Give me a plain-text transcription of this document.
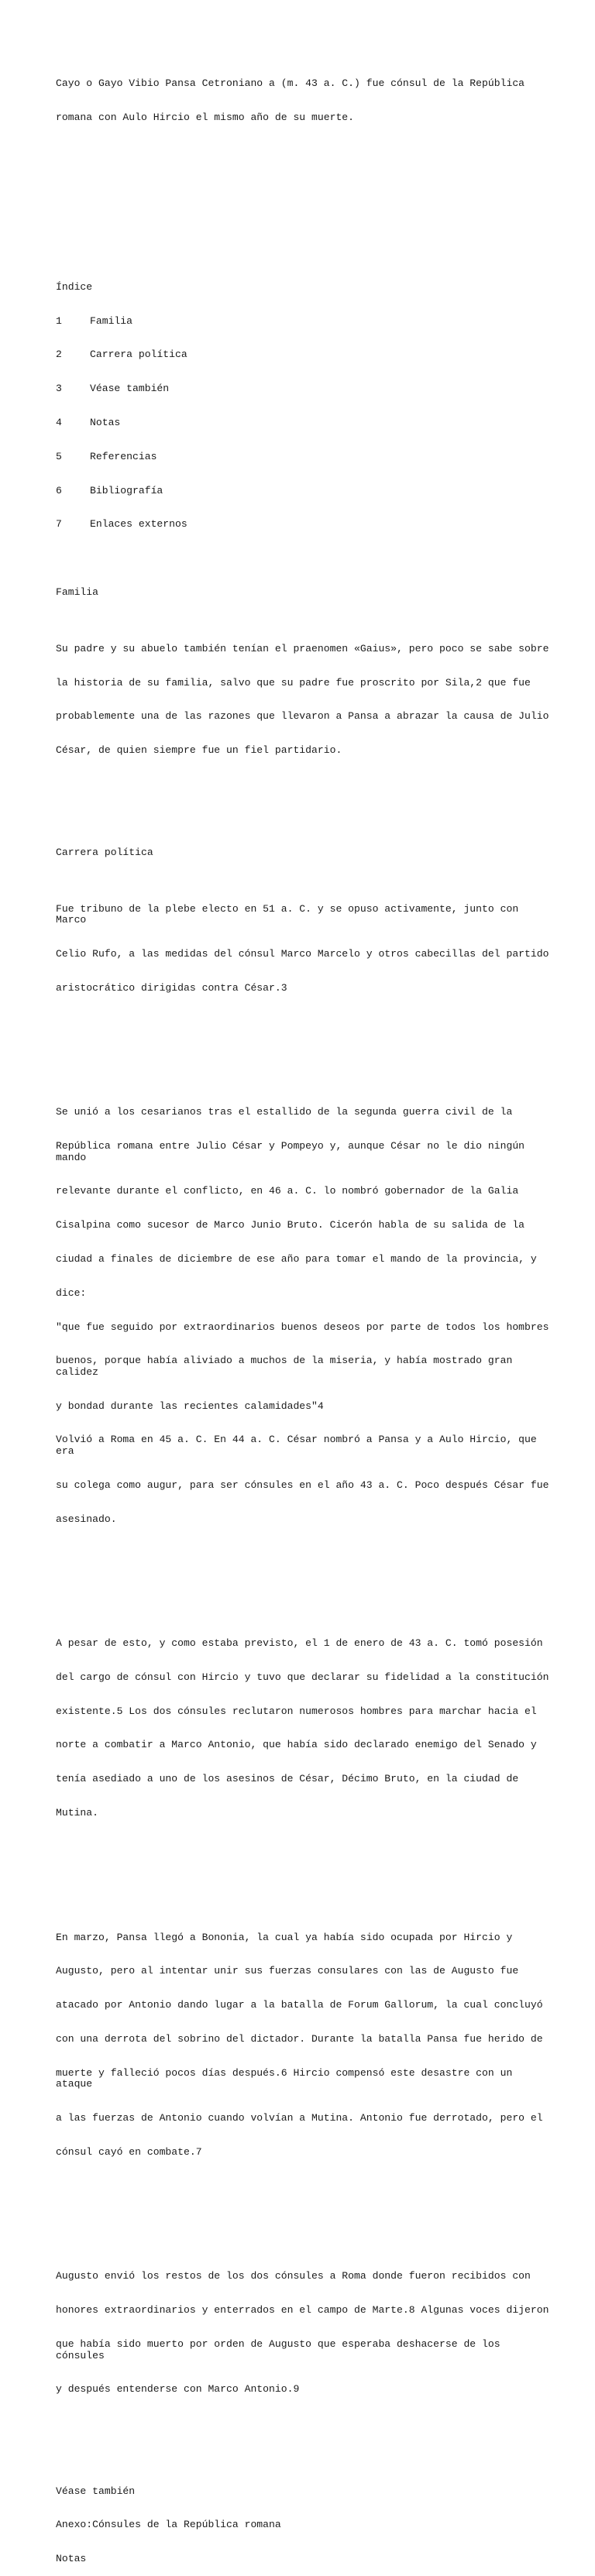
Cayo o Gayo Vibio Pansa Cetroniano a (m. 43 a. C.) fue cónsul de la República

romana con Aulo Hircio el mismo año de su muerte.

Índice

1	Familia

2	Carrera política

3	Véase también

4	Notas

5	Referencias

6	Bibliografía

7	Enlaces externos

Familia

Su padre y su abuelo también tenían el praenomen «Gaius», pero poco se sabe sobre

la historia de su familia, salvo que su padre fue proscrito por Sila,2 que fue

probablemente una de las razones que llevaron a Pansa a abrazar la causa de Julio

César, de quien siempre fue un fiel partidario.

Carrera política

Fue tribuno de la plebe electo en 51 a. C. y se opuso activamente, junto con Marco

Celio Rufo, a las medidas del cónsul Marco Marcelo y otros cabecillas del partido

aristocrático dirigidas contra César.3

Se unió a los cesarianos tras el estallido de la segunda guerra civil de la

República romana entre Julio César y Pompeyo y, aunque César no le dio ningún mando

relevante durante el conflicto, en 46 a. C. lo nombró gobernador de la Galia

Cisalpina como sucesor de Marco Junio Bruto. Cicerón habla de su salida de la

ciudad a finales de diciembre de ese año para tomar el mando de la provincia, y

dice:

"que fue seguido por extraordinarios buenos deseos por parte de todos los hombres

buenos, porque había aliviado a muchos de la miseria, y había mostrado gran calidez

y bondad durante las recientes calamidades"4

Volvió a Roma en 45 a. C. En 44 a. C. César nombró a Pansa y a Aulo Hircio, que era

su colega como augur, para ser cónsules en el año 43 a. C. Poco después César fue

asesinado.

A pesar de esto, y como estaba previsto, el 1 de enero de 43 a. C. tomó posesión

del cargo de cónsul con Hircio y tuvo que declarar su fidelidad a la constitución

existente.5 Los dos cónsules reclutaron numerosos hombres para marchar hacia el

norte a combatir a Marco Antonio, que había sido declarado enemigo del Senado y

tenía asediado a uno de los asesinos de César, Décimo Bruto, en la ciudad de

Mutina.

En marzo, Pansa llegó a Bononia, la cual ya había sido ocupada por Hircio y

Augusto, pero al intentar unir sus fuerzas consulares con las de Augusto fue

atacado por Antonio dando lugar a la batalla de Forum Gallorum, la cual concluyó

con una derrota del sobrino del dictador. Durante la batalla Pansa fue herido de

muerte y falleció pocos días después.6 Hircio compensó este desastre con un ataque

a las fuerzas de Antonio cuando volvían a Mutina. Antonio fue derrotado, pero el

cónsul cayó en combate.7

Augusto envió los restos de los dos cónsules a Roma donde fueron recibidos con

honores extraordinarios y enterrados en el campo de Marte.8 Algunas voces dijeron

que había sido muerto por orden de Augusto que esperaba deshacerse de los cónsules

y después entenderse con Marco Antonio.9

Véase también

Anexo:Cónsules de la República romana

Notas
